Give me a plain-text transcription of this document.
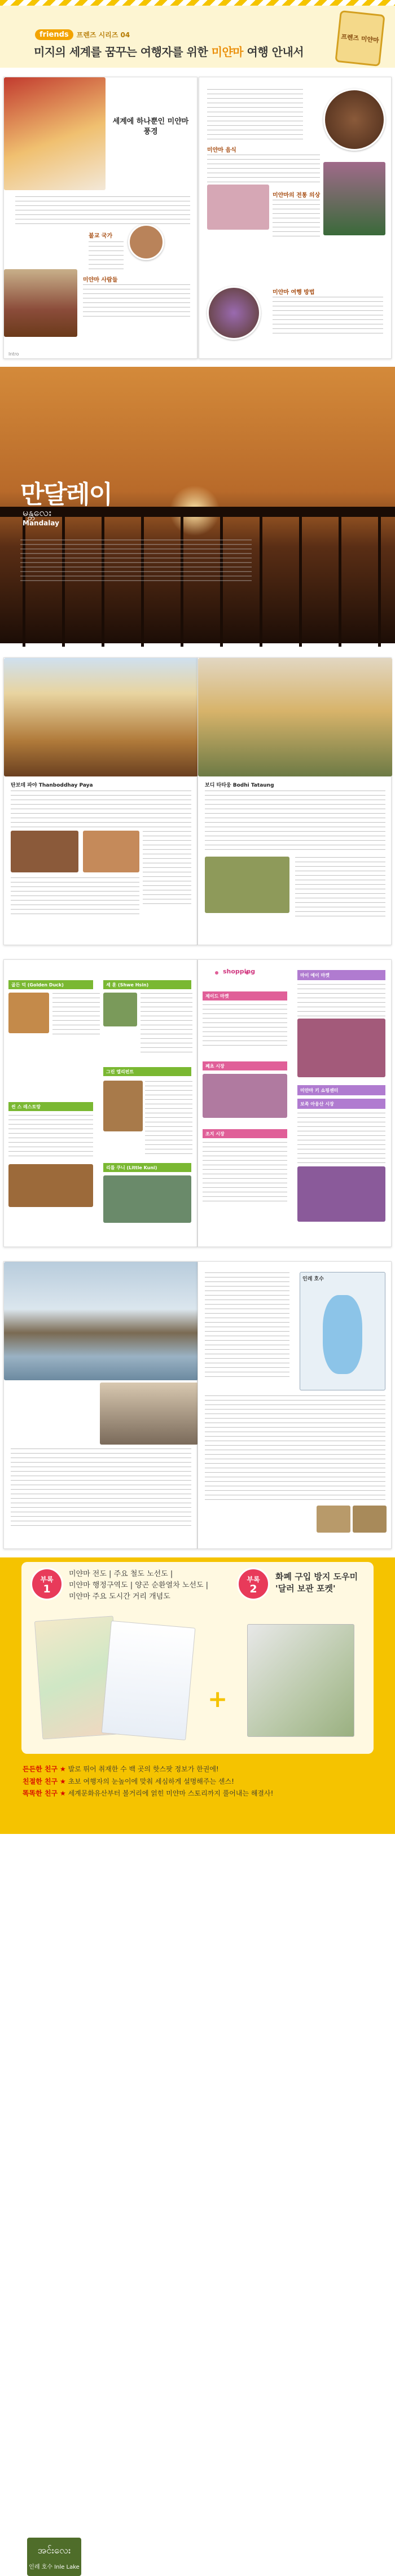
friends	프렌즈 시리즈 04
미지의 세계를 꿈꾸는 여행자를 위한 미얀마 여행 안내서
프렌즈 미얀마
세계에 하나뿐인 미얀마 풍경
불교 국가
미얀마 사람들
Intro
미얀마 음식
미얀마의 전통 의상
미얀마 여행 방법
만달레이
မန္တလေး
Mandalay
탄보데 파야 Thanboddhay Paya	보디 타타웅 Bodhi Tataung
골든 덕 (Golden Duck)	셰 훈 (Shwe Hsin)
그린 엘리펀트
씬 스 레스토랑
리틀 쿠니 (Little Kuni)
shopping
제이드 마켓
쩨초 시장
조지 시장
마이 예이 마켓
미얀마 키 쇼핑센터
보족 아웅산 시장
အင်းလေး
인레 호수 Inle Lake
인레 호수
부록
1
미얀마 전도 | 주요 철도 노선도 |
미얀마 행정구역도 | 양곤 순환열차 노선도 |
미얀마 주요 도시간 거리 개념도
+
부록
2
화폐 구입 방지 도우미
'달러 보관 포켓'
든든한 친구 ★ 발로 뛰어 취재한 수 백 곳의 핫스팟 정보가 한권에!
친절한 친구 ★ 초보 여행자의 눈높이에 맞춰 세심하게 설명해주는 센스!
똑똑한 친구 ★ 세계문화유산부터 볼거리에 얽힌 미얀마 스토리까지 풀어내는 해결사!
